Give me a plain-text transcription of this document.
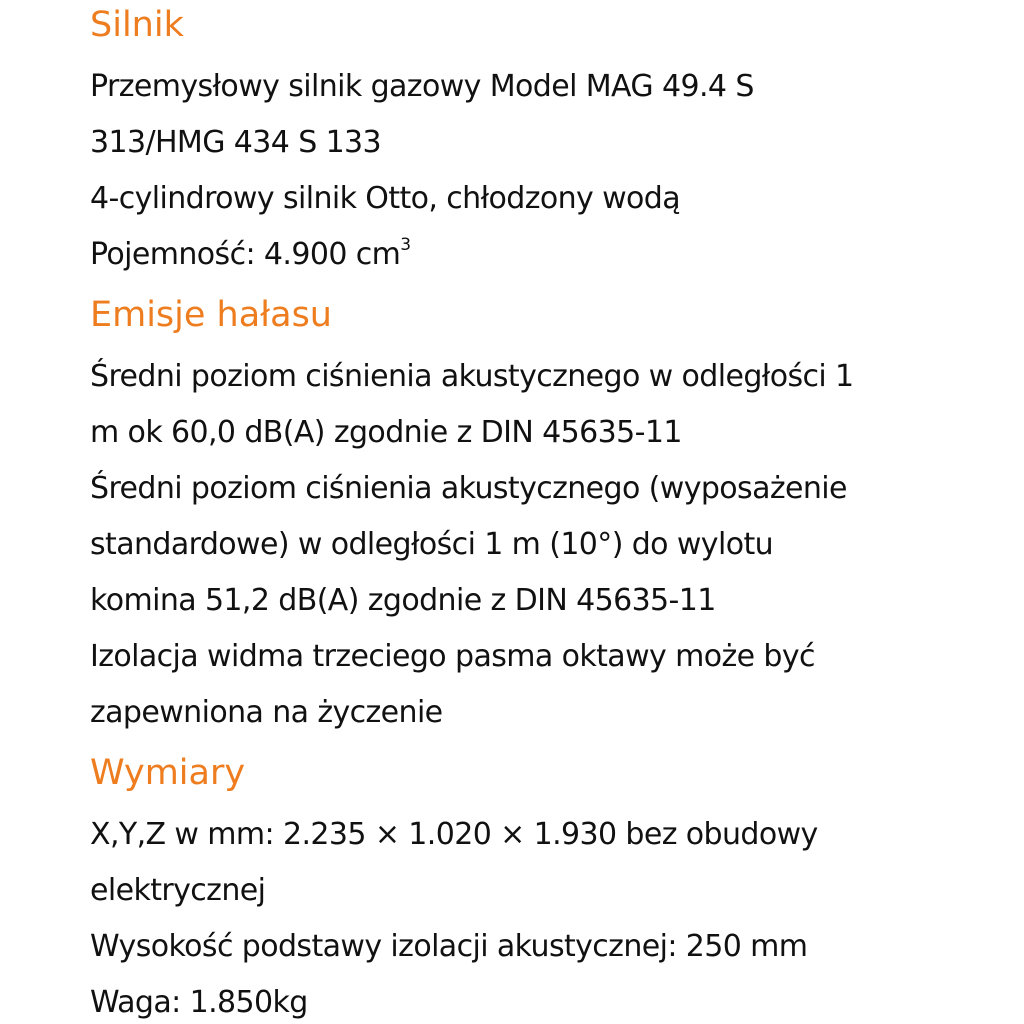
Silnik

Przemysłowy silnik gazowy Model MAG 49.4 S

313/HMG 434 S 133

4-cylindrowy silnik Otto, chłodzony wodą

Pojemność: 4.900 $cm^3$

Emisje hałasu

Średni poziom ciśnienia akustycznego w odległości 1

m ok 60,0 dB(A) zgodnie z DIN 45635-11

Średni poziom ciśnienia akustycznego (wyposażenie

standardowe) w odległości 1 m (10°) do wylotu

komina 51,2 dB(A) zgodnie z DIN 45635-11

Izolacja widma trzeciego pasma oktawy może być

zapewniona na życzenie

Wymiary

X,Y,Z w mm: 2.235 × 1.020 × 1.930 bez obudowy

elektrycznej

Wysokość podstawy izolacji akustycznej: 250 mm

Waga: 1.850kg
